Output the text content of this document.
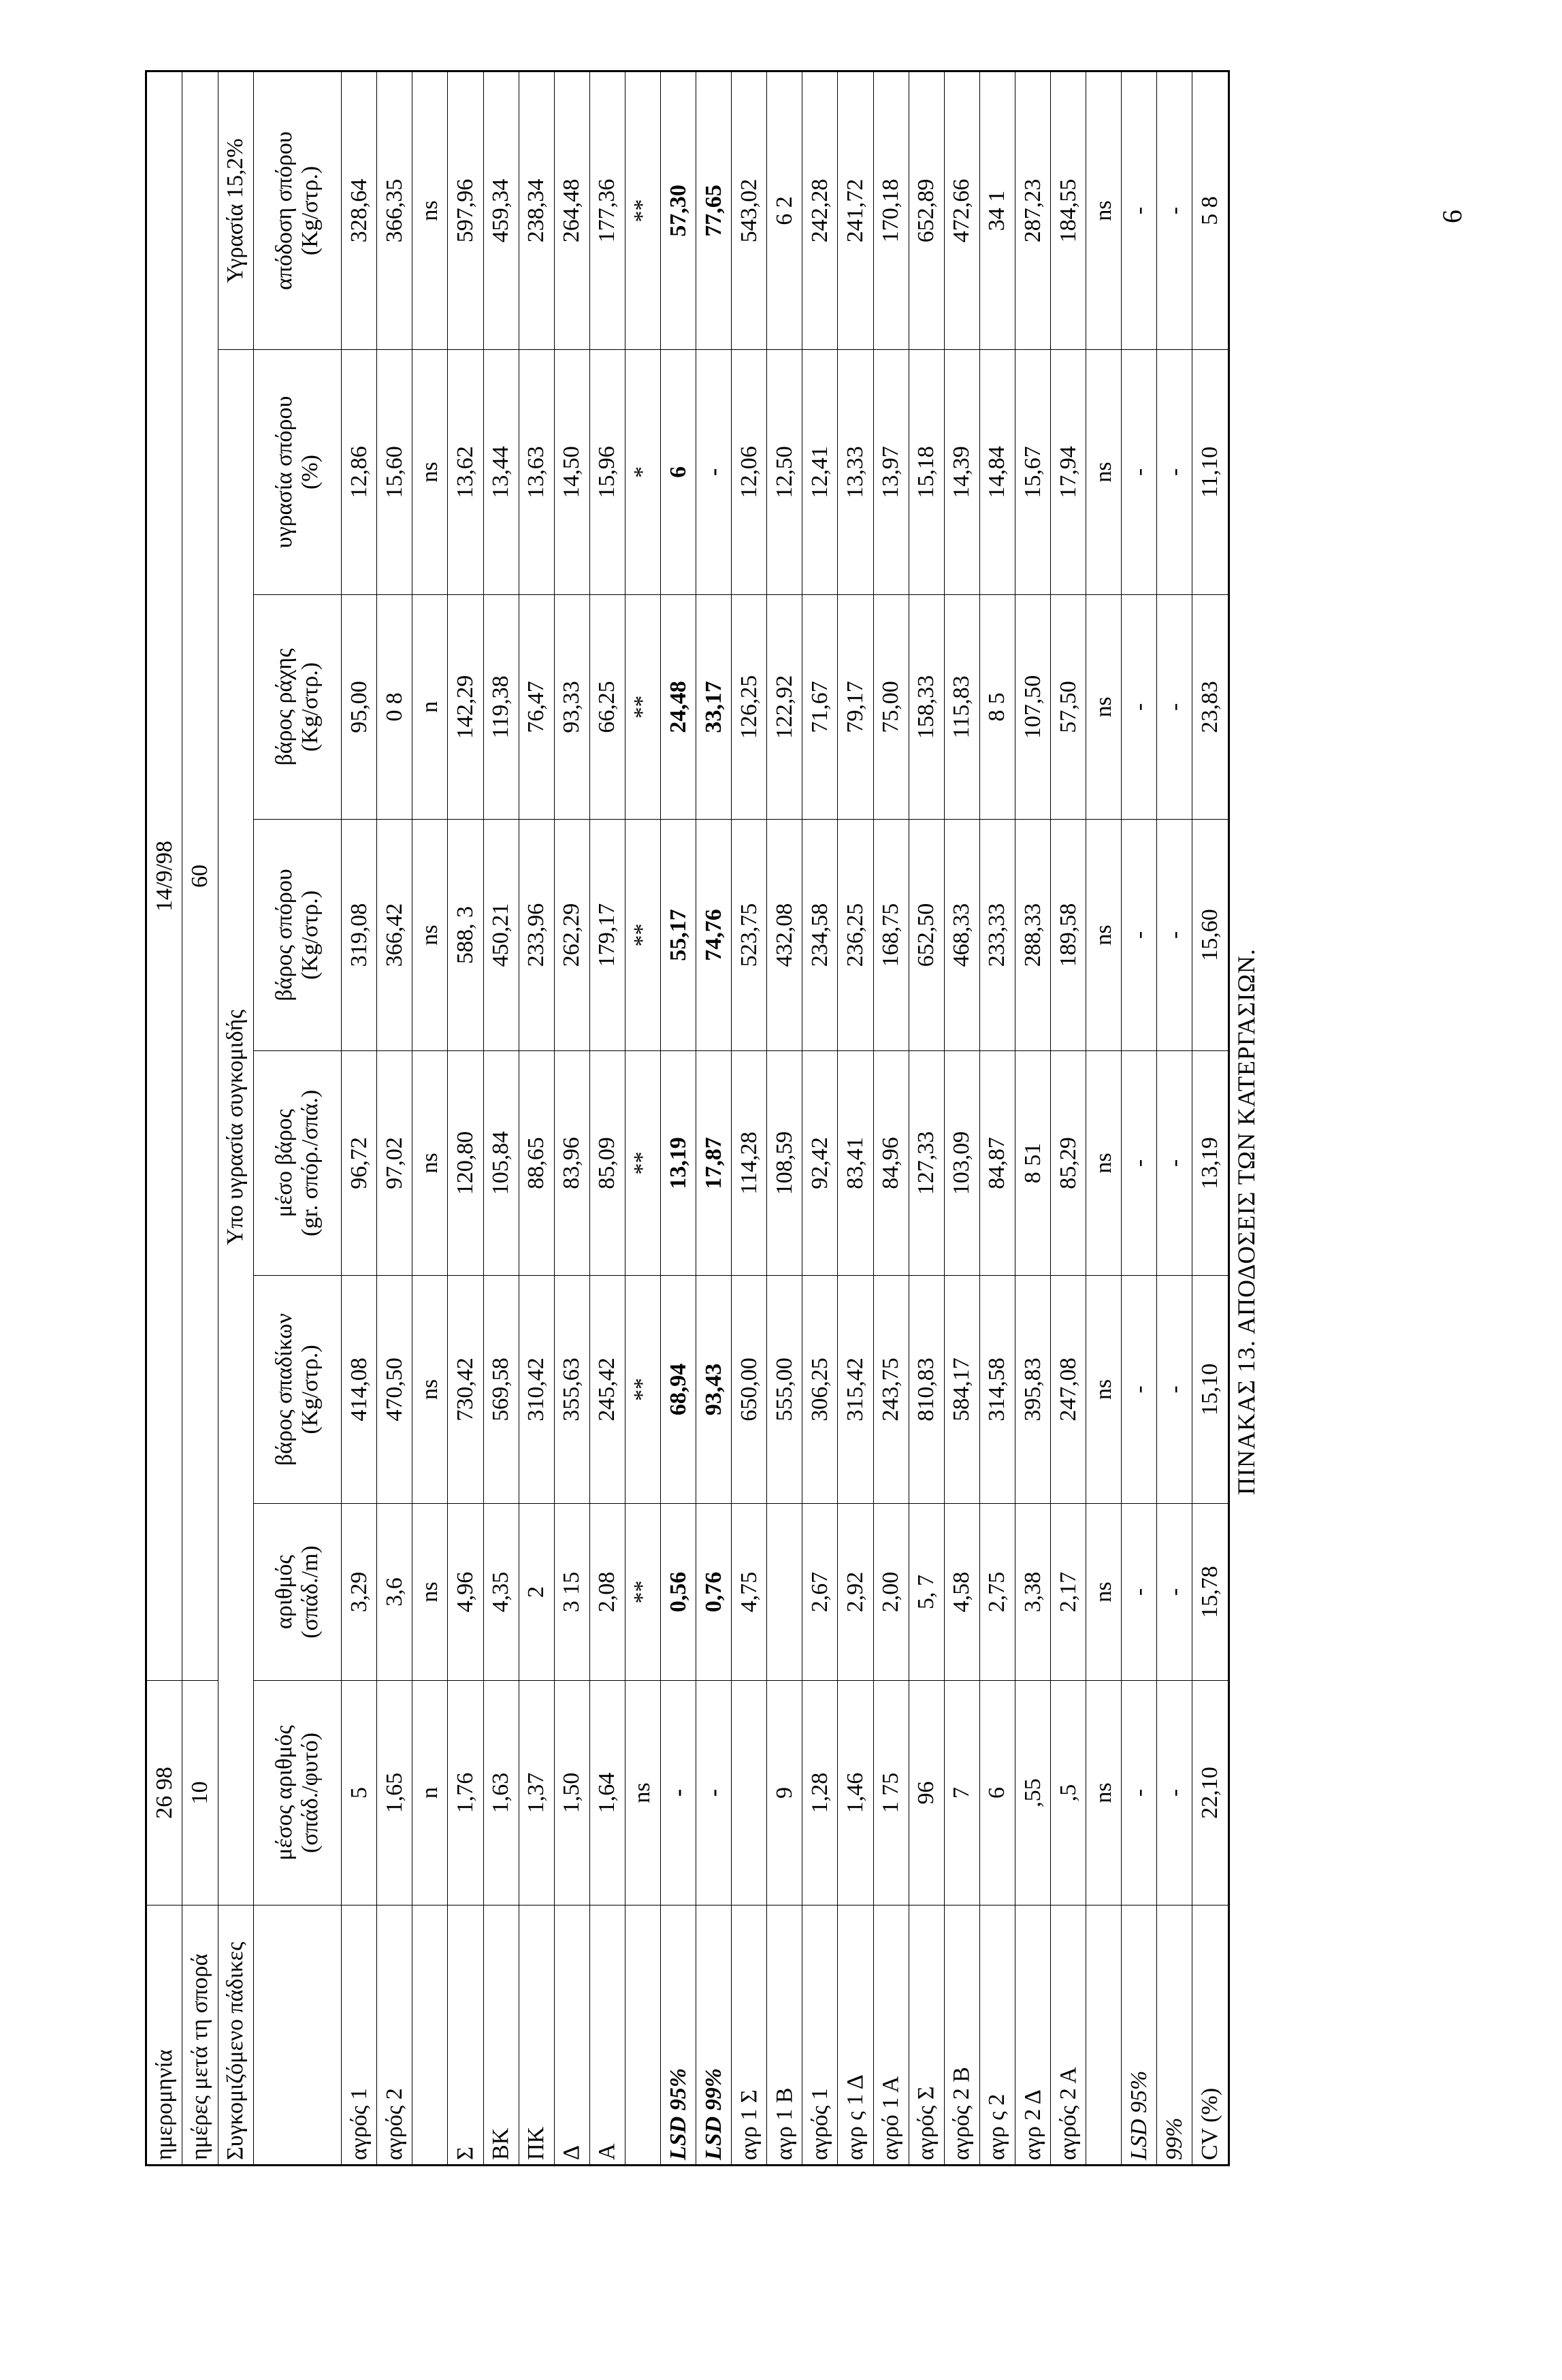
ημερομηνία	26 98	14/9/98						
ημέρες μετά τη σπορά	10	60						
Συγκομιζόμενο πάδικες	Υπο υγρασία συγκομιδής							Υγρασία 15,2%

	μέσος αριθμός (σπάδ./φυτό)	αριθμός (σπάδ./m)	βάρος σπαδίκων (Kg/στρ.)	μέσο βάρος (gr. σπόρ./σπά.)	βάρος σπόρου (Kg/στρ.)	βάρος ράχης (Kg/στρ.)	υγρασία σπόρου (%)	απόδοση σπόρου (Kg/στρ.)

αγρός 1	5	3,29	414,08	96,72	319,08	95,00	12,86	328,64
αγρός 2	1,65	3,6	470,50	97,02	366,42	0 8	15,60	366,35
	n	ns	ns	ns	ns	n	ns	ns
Σ	1,76	4,96	730,42	120,80	588, 3	142,29	13,62	597,96
ΒΚ	1,63	4,35	569,58	105,84	450,21	119,38	13,44	459,34
ΠΚ	1,37	2	310,42	88,65	233,96	76,47	13,63	238,34
Δ	1,50	3 15	355,63	83,96	262,29	93,33	14,50	264,48
Α	1,64	2,08	245,42	85,09	179,17	66,25	15,96	177,36
	ns	**	**	**	**	**	*	**
LSD 95%	-	0,56	68,94	13,19	55,17	24,48	6	57,30
LSD 99%	-	0,76	93,43	17,87	74,76	33,17	-	77,65
αγρ 1 Σ		4,75	650,00	114,28	523,75	126,25	12,06	543,02
αγρ 1 Β	9		555,00	108,59	432,08	122,92	12,50	6 2
αγρός 1	1,28	2,67	306,25	92,42	234,58	71,67	12,41	242,28
αγρ ς 1 Δ	1,46	2,92	315,42	83,41	236,25	79,17	13,33	241,72
αγρό 1 Α	1 75	2,00	243,75	84,96	168,75	75,00	13,97	170,18
αγρός Σ	96	5, 7	810,83	127,33	652,50	158,33	15,18	652,89
αγρός 2 Β	7	4,58	584,17	103,09	468,33	115,83	14,39	472,66
αγρ ς 2	6	2,75	314,58	84,87	233,33	8 5	14,84	34 1
αγρ 2 Δ	,55	3,38	395,83	8 51	288,33	107,50	15,67	287,23
αγρός 2 Α	,5	2,17	247,08	85,29	189,58	57,50	17,94	184,55
	ns	ns	ns	ns	ns	ns	ns	ns
LSD 95%	-	-	-	-	-	-	-	-
99%	-	-	-	-	-	-	-	-
CV (%)	22,10	15,78	15,10	13,19	15,60	23,83	11,10	5 8
ΠΙΝΑΚΑΣ 13. ΑΠΟΔΟΣΕΙΣ ΤΩΝ ΚΑΤΕΡΓΑΣΙΩΝ.
6
